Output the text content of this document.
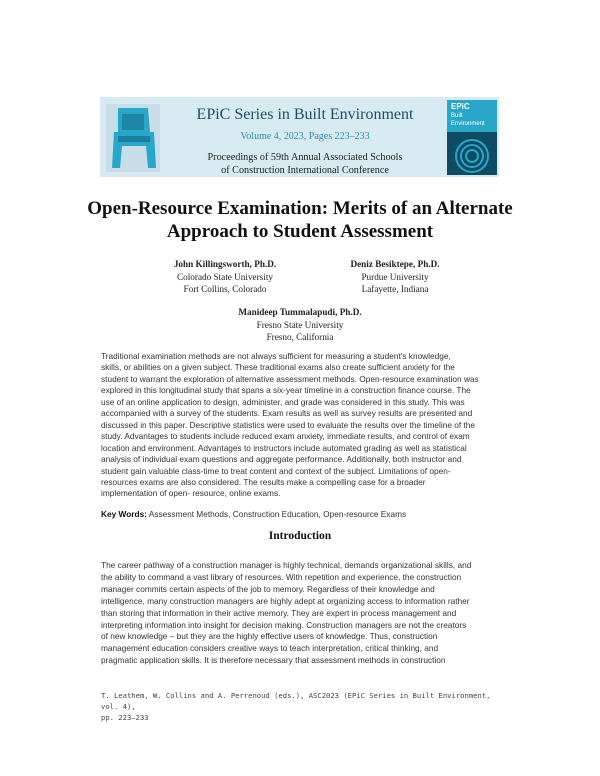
EPiC
Built
Environment
EPiC Series in Built Environment
Volume 4, 2023, Pages 223–233
Proceedings of 59th Annual Associated Schools
of Construction International Conference
Open-Resource Examination: Merits of an Alternate
Approach to Student Assessment
John Killingsworth, Ph.D.
Colorado State University
Fort Collins, Colorado
Deniz Besiktepe, Ph.D.
Purdue University
Lafayette, Indiana
Manideep Tummalapudi, Ph.D.
Fresno State University
Fresno, California
Traditional examination methods are not always sufficient for measuring a student's knowledge,
skills, or abilities on a given subject. These traditional exams also create sufficient anxiety for the
student to warrant the exploration of alternative assessment methods. Open-resource examination was
explored in this longitudinal study that spans a six-year timeline in a construction finance course. The
use of an online application to design, administer, and grade was considered in this study. This was
accompanied with a survey of the students. Exam results as well as survey results are presented and
discussed in this paper. Descriptive statistics were used to evaluate the results over the timeline of the
study. Advantages to students include reduced exam anxiety, immediate results, and control of exam
location and environment. Advantages to instructors include automated grading as well as statistical
analysis of individual exam questions and aggregate performance. Additionally, both instructor and
student gain valuable class-time to treat content and context of the subject. Limitations of open-
resources exams are also considered. The results make a compelling case for a broader
implementation of open- resource, online exams.
Key Words: Assessment Methods, Construction Education, Open-resource Exams
Introduction
The career pathway of a construction manager is highly technical, demands organizational skills, and
the ability to command a vast library of resources. With repetition and experience, the construction
manager commits certain aspects of the job to memory. Regardless of their knowledge and
intelligence, many construction managers are highly adept at organizing access to information rather
than storing that information in their active memory. They are expert in process management and
interpreting information into insight for decision making. Construction managers are not the creators
of new knowledge – but they are the highly effective users of knowledge. Thus, construction
management education considers creative ways to teach interpretation, critical thinking, and
pragmatic application skills. It is therefore necessary that assessment methods in construction
T. Leathem, W. Collins and A. Perrenoud (eds.), ASC2023 (EPiC Series in Built Environment, vol. 4),
pp. 223–233
